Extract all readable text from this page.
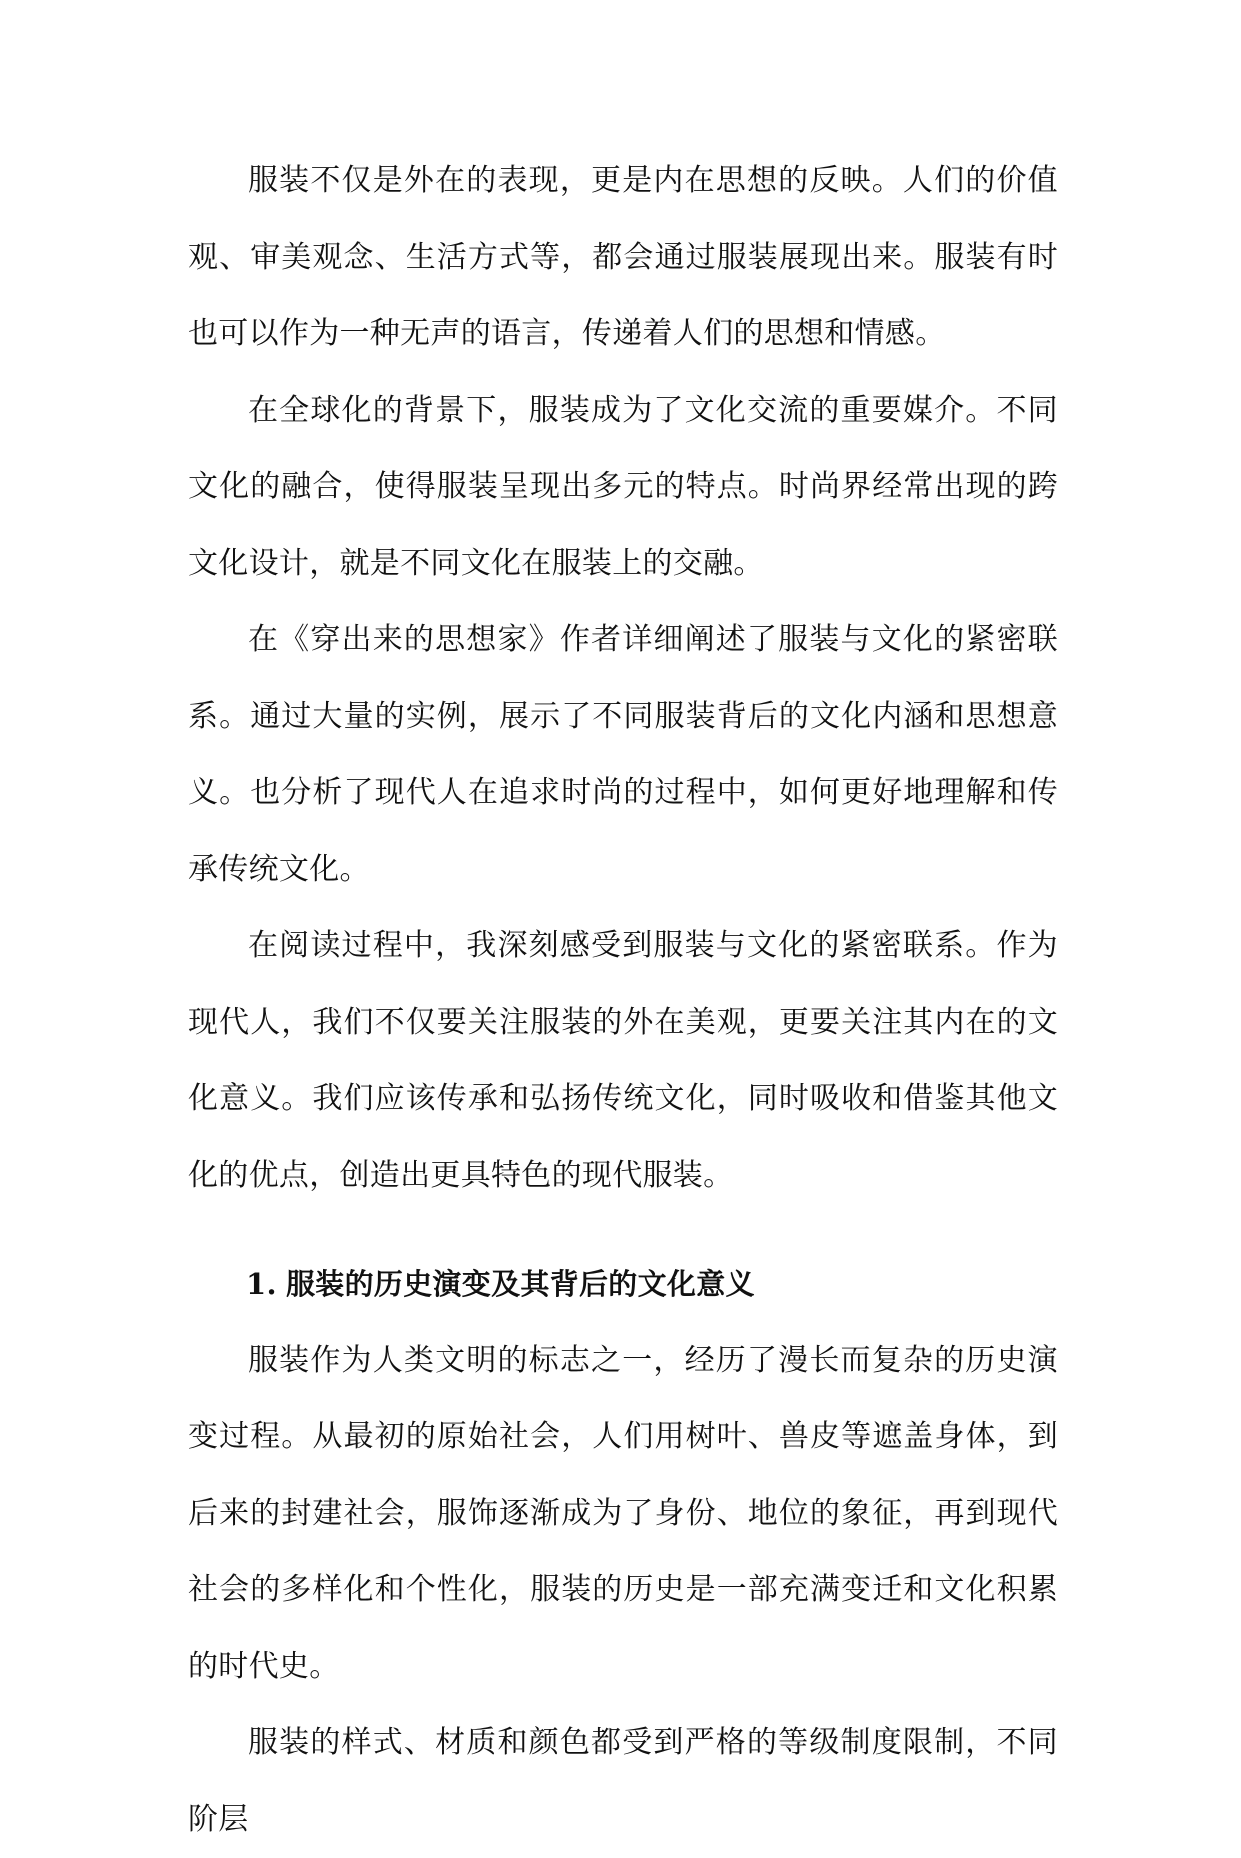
服装不仅是外在的表现，更是内在思想的反映。人们的价值观、审美观念、生活方式等，都会通过服装展现出来。服装有时也可以作为一种无声的语言，传递着人们的思想和情感。

在全球化的背景下，服装成为了文化交流的重要媒介。不同文化的融合，使得服装呈现出多元的特点。时尚界经常出现的跨文化设计，就是不同文化在服装上的交融。

在《穿出来的思想家》作者详细阐述了服装与文化的紧密联系。通过大量的实例，展示了不同服装背后的文化内涵和思想意义。也分析了现代人在追求时尚的过程中，如何更好地理解和传承传统文化。

在阅读过程中，我深刻感受到服装与文化的紧密联系。作为现代人，我们不仅要关注服装的外在美观，更要关注其内在的文化意义。我们应该传承和弘扬传统文化，同时吸收和借鉴其他文化的优点，创造出更具特色的现代服装。

1. 服装的历史演变及其背后的文化意义

服装作为人类文明的标志之一，经历了漫长而复杂的历史演变过程。从最初的原始社会，人们用树叶、兽皮等遮盖身体，到后来的封建社会，服饰逐渐成为了身份、地位的象征，再到现代社会的多样化和个性化，服装的历史是一部充满变迁和文化积累的时代史。

服装的样式、材质和颜色都受到严格的等级制度限制，不同阶层
